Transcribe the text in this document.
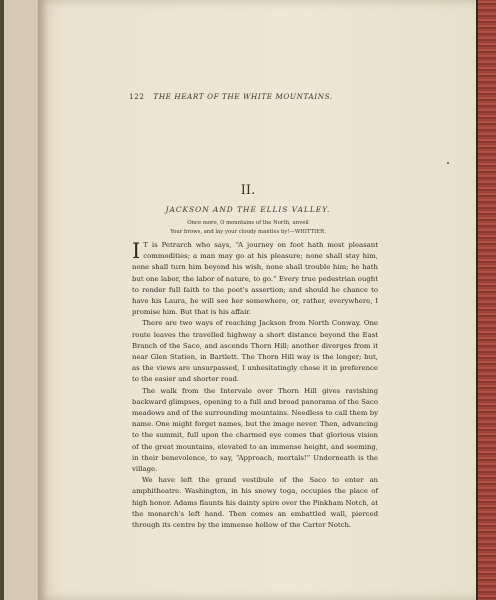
122 THE HEART OF THE WHITE MOUNTAINS.
II.
JACKSON AND THE ELLIS VALLEY.
Once more, O mountains of the North, unveil
Your brows, and lay your cloudy mantles by!—WHITTIER.

I T is Petrarch who says, “A journey on foot hath most pleasant commodities; a man may go at his pleasure; none shall stay him, none shall turn him beyond his wish, none shall trouble him; he hath but one labor, the labor of nature, to go.” Every true pedestrian ought to render full faith to the poet's assertion; and should he chance to have his Laura, he will see her somewhere, or, rather, everywhere, I promise him. But that is his affair.

There are two ways of reaching Jackson from North Conway. One route leaves the travelled highway a short distance beyond the East Branch of the Saco, and ascends Thorn Hill; another diverges from it near Glen Station, in Bartlett. The Thorn Hill way is the longer; but, as the views are unsurpassed, I unhesitatingly chose it in preference to the easier and shorter road.

The walk from the Intervale over Thorn Hill gives ravishing backward glimpses, opening to a full and broad panorama of the Saco meadows and of the surrounding mountains. Needless to call them by name. One might forget names, but the image never. Then, advancing to the summit, full upon the charmed eye comes that glorious vision of the great mountains, elevated to an immense height, and seeming, in their benevolence, to say, “Approach, mortals!” Underneath is the village.

We have left the grand vestibule of the Saco to enter an amphitheatre. Washington, in his snowy toga, occupies the place of high honor. Adams flaunts his dainty spire over the Pinkham Notch, at the monarch's left hand. Then comes an embattled wall, pierced through its centre by the immense hollow of the Carter Notch.
